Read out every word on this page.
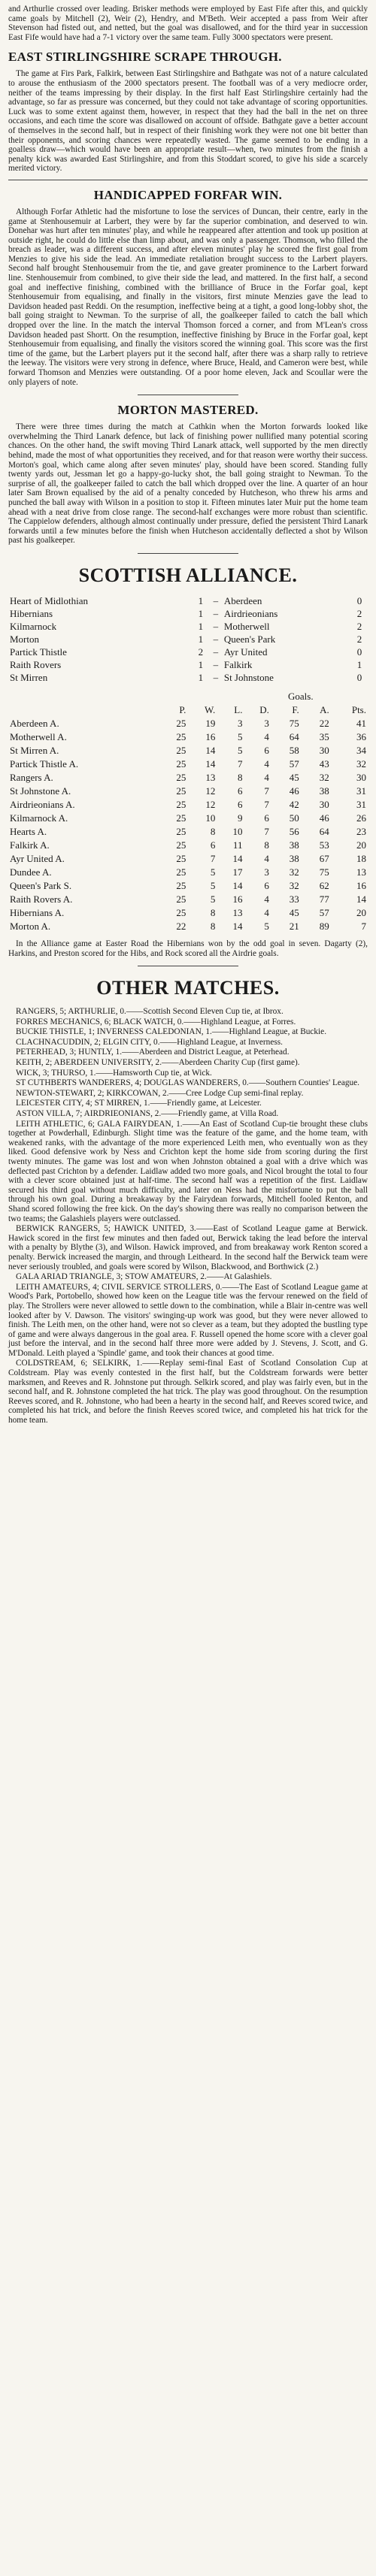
and Arthurlie crossed over leading. Brisker methods were employed by East Fife after this, and quickly came goals by Mitchell (2), Weir (2), Hendry, and M'Beth. Weir accepted a pass from Weir after Stevenson had fisted out, and netted, but the goal was disallowed, and for the third year in succession East Fife would have had a 7-1 victory over the same team. Fully 3000 spectators were present.

EAST STIRLINGSHIRE SCRAPE THROUGH.

The game at Firs Park, Falkirk, between East Stirlingshire and Bathgate was not of a nature calculated to arouse the enthusiasm of the 2000 spectators present. The football was of a very mediocre order, neither of the teams impressing by their display. In the first half East Stirlingshire certainly had the advantage, so far as pressure was concerned, but they could not take advantage of scoring opportunities. Luck was to some extent against them, however, in respect that they had the ball in the net on three occasions, and each time the score was disallowed on account of offside. Bathgate gave a better account of themselves in the second half, but in respect of their finishing work they were not one bit better than their opponents, and scoring chances were repeatedly wasted. The game seemed to be ending in a goalless draw—which would have been an appropriate result—when, two minutes from the finish a penalty kick was awarded East Stirlingshire, and from this Stoddart scored, to give his side a scarcely merited victory.

HANDICAPPED FORFAR WIN.

Although Forfar Athletic had the misfortune to lose the services of Duncan, their centre, early in the game at Stenhousemuir at Larbert, they were by far the superior combination, and deserved to win. Donehar was hurt after ten minutes' play, and while he reappeared after attention and took up position at outside right, he could do little else than limp about, and was only a passenger. Thomson, who filled the breach as leader, was a different success, and after eleven minutes' play he scored the first goal from Menzies to give his side the lead. An immediate retaliation brought success to the Larbert players. Second half brought Stenhousemuir from the tie, and gave greater prominence to the Larbert forward line. Stenhousemuir from combined, to give their side the lead, and mattered. In the first half, a second goal and ineffective finishing, combined with the brilliance of Bruce in the Forfar goal, kept Stenhousemuir from equalising, and finally in the visitors, first minute Menzies gave the lead to Davidson headed past Reddi. On the resumption, ineffective being at a tight, a good long-lobby shot, the ball going straight to Newman. To the surprise of all, the goalkeeper failed to catch the ball which dropped over the line. In the match the interval Thomson forced a corner, and from M'Lean's cross Davidson headed past Shortt. On the resumption, ineffective finishing by Bruce in the Forfar goal, kept Stenhousemuir from equalising, and finally the visitors scored the winning goal. This score was the first time of the game, but the Larbert players put it the second half, after there was a sharp rally to retrieve the leeway. The visitors were very strong in defence, where Bruce, Heald, and Cameron were best, while forward Thomson and Menzies were outstanding. Of a poor home eleven, Jack and Scoullar were the only players of note.

MORTON MASTERED.

There were three times during the match at Cathkin when the Morton forwards looked like overwhelming the Third Lanark defence, but lack of finishing power nullified many potential scoring chances. On the other hand, the swift moving Third Lanark attack, well supported by the men directly behind, made the most of what opportunities they received, and for that reason were worthy their success. Morton's goal, which came along after seven minutes' play, should have been scored. Standing fully twenty yards out, Jessman let go a happy-go-lucky shot, the ball going straight to Newman. To the surprise of all, the goalkeeper failed to catch the ball which dropped over the line. A quarter of an hour later Sam Brown equalised by the aid of a penalty conceded by Hutcheson, who threw his arms and punched the ball away with Wilson in a position to stop it. Fifteen minutes later Muir put the home team ahead with a neat drive from close range. The second-half exchanges were more robust than scientific. The Cappielow defenders, although almost continually under pressure, defied the persistent Third Lanark forwards until a few minutes before the finish when Hutcheson accidentally deflected a shot by Wilson past his goalkeeper.

SCOTTISH ALLIANCE.
Heart of Midlothian	1	–	Aberdeen	0
Hibernians	1	–	Airdrieonians	2
Kilmarnock	1	–	Motherwell	2
Morton	1	–	Queen's Park	2
Partick Thistle	2	–	Ayr United	0
Raith Rovers	1	–	Falkirk	1
St Mirren	1	–	St Johnstone	0
					Goals.		
	P.	W.	L.	D.	F.	A.	Pts.
Aberdeen A.	25	19	3	3	75	22	41
Motherwell A.	25	16	5	4	64	35	36
St Mirren A.	25	14	5	6	58	30	34
Partick Thistle A.	25	14	7	4	57	43	32
Rangers A.	25	13	8	4	45	32	30
St Johnstone A.	25	12	6	7	46	38	31
Airdrieonians A.	25	12	6	7	42	30	31
Kilmarnock A.	25	10	9	6	50	46	26
Hearts A.	25	8	10	7	56	64	23
Falkirk A.	25	6	11	8	38	53	20
Ayr United A.	25	7	14	4	38	67	18
Dundee A.	25	5	17	3	32	75	13
Queen's Park S.	25	5	14	6	32	62	16
Raith Rovers A.	25	5	16	4	33	77	14
Hibernians A.	25	8	13	4	45	57	20
Morton A.	22	8	14	5	21	89	7

In the Alliance game at Easter Road the Hibernians won by the odd goal in seven. Dagarty (2), Harkins, and Preston scored for the Hibs, and Rock scored all the Airdrie goals.

OTHER MATCHES.

RANGERS, 5; ARTHURLIE, 0.——Scottish Second Eleven Cup tie, at Ibrox.

FORRES MECHANICS, 6; BLACK WATCH, 0.——Highland League, at Forres.

BUCKIE THISTLE, 1; INVERNESS CALEDONIAN, 1.——Highland League, at Buckie.

CLACHNACUDDIN, 2; ELGIN CITY, 0.——Highland League, at Inverness.

PETERHEAD, 3; HUNTLY, 1.——Aberdeen and District League, at Peterhead.

KEITH, 2; ABERDEEN UNIVERSITY, 2.——Aberdeen Charity Cup (first game).

WICK, 3; THURSO, 1.——Hamsworth Cup tie, at Wick.

ST CUTHBERTS WANDERERS, 4; DOUGLAS WANDERERS, 0.——Southern Counties' League.

NEWTON-STEWART, 2; KIRKCOWAN, 2.——Cree Lodge Cup semi-final replay.

LEICESTER CITY, 4; ST MIRREN, 1.——Friendly game, at Leicester.

ASTON VILLA, 7; AIRDRIEONIANS, 2.——Friendly game, at Villa Road.

LEITH ATHLETIC, 6; GALA FAIRYDEAN, 1.——An East of Scotland Cup-tie brought these clubs together at Powderhall, Edinburgh. Slight time was the feature of the game, and the home team, with weakened ranks, with the advantage of the more experienced Leith men, who eventually won as they liked. Good defensive work by Ness and Crichton kept the home side from scoring during the first twenty minutes. The game was lost and won when Johnston obtained a goal with a drive which was deflected past Crichton by a defender. Laidlaw added two more goals, and Nicol brought the total to four with a clever score obtained just at half-time. The second half was a repetition of the first. Laidlaw secured his third goal without much difficulty, and later on Ness had the misfortune to put the ball through his own goal. During a breakaway by the Fairydean forwards, Mitchell fooled Renton, and Shand scored following the free kick. On the day's showing there was really no comparison between the two teams; the Galashiels players were outclassed.

BERWICK RANGERS, 5; HAWICK UNITED, 3.——East of Scotland League game at Berwick. Hawick scored in the first few minutes and then faded out, Berwick taking the lead before the interval with a penalty by Blythe (3), and Wilson. Hawick improved, and from breakaway work Renton scored a penalty. Berwick increased the margin, and through Leitheard. In the second half the Berwick team were never seriously troubled, and goals were scored by Wilson, Blackwood, and Borthwick (2.)

GALA ARIAD TRIANGLE, 3; STOW AMATEURS, 2.——At Galashiels.

LEITH AMATEURS, 4; CIVIL SERVICE STROLLERS, 0.——The East of Scotland League game at Wood's Park, Portobello, showed how keen on the League title was the fervour renewed on the field of play. The Strollers were never allowed to settle down to the combination, while a Blair in-centre was well looked after by V. Dawson. The visitors' swinging-up work was good, but they were never allowed to finish. The Leith men, on the other hand, were not so clever as a team, but they adopted the bustling type of game and were always dangerous in the goal area. F. Russell opened the home score with a clever goal just before the interval, and in the second half three more were added by J. Stevens, J. Scott, and G. M'Donald. Leith played a 'Spindle' game, and took their chances at good time.

COLDSTREAM, 6; SELKIRK, 1.——Replay semi-final East of Scotland Consolation Cup at Coldstream. Play was evenly contested in the first half, but the Coldstream forwards were better marksmen, and Reeves and R. Johnstone put through. Selkirk scored, and play was fairly even, but in the second half, and R. Johnstone completed the hat trick. The play was good throughout. On the resumption Reeves scored, and R. Johnstone, who had been a hearty in the second half, and Reeves scored twice, and completed his hat trick, and before the finish Reeves scored twice, and completed his hat trick for the home team.
